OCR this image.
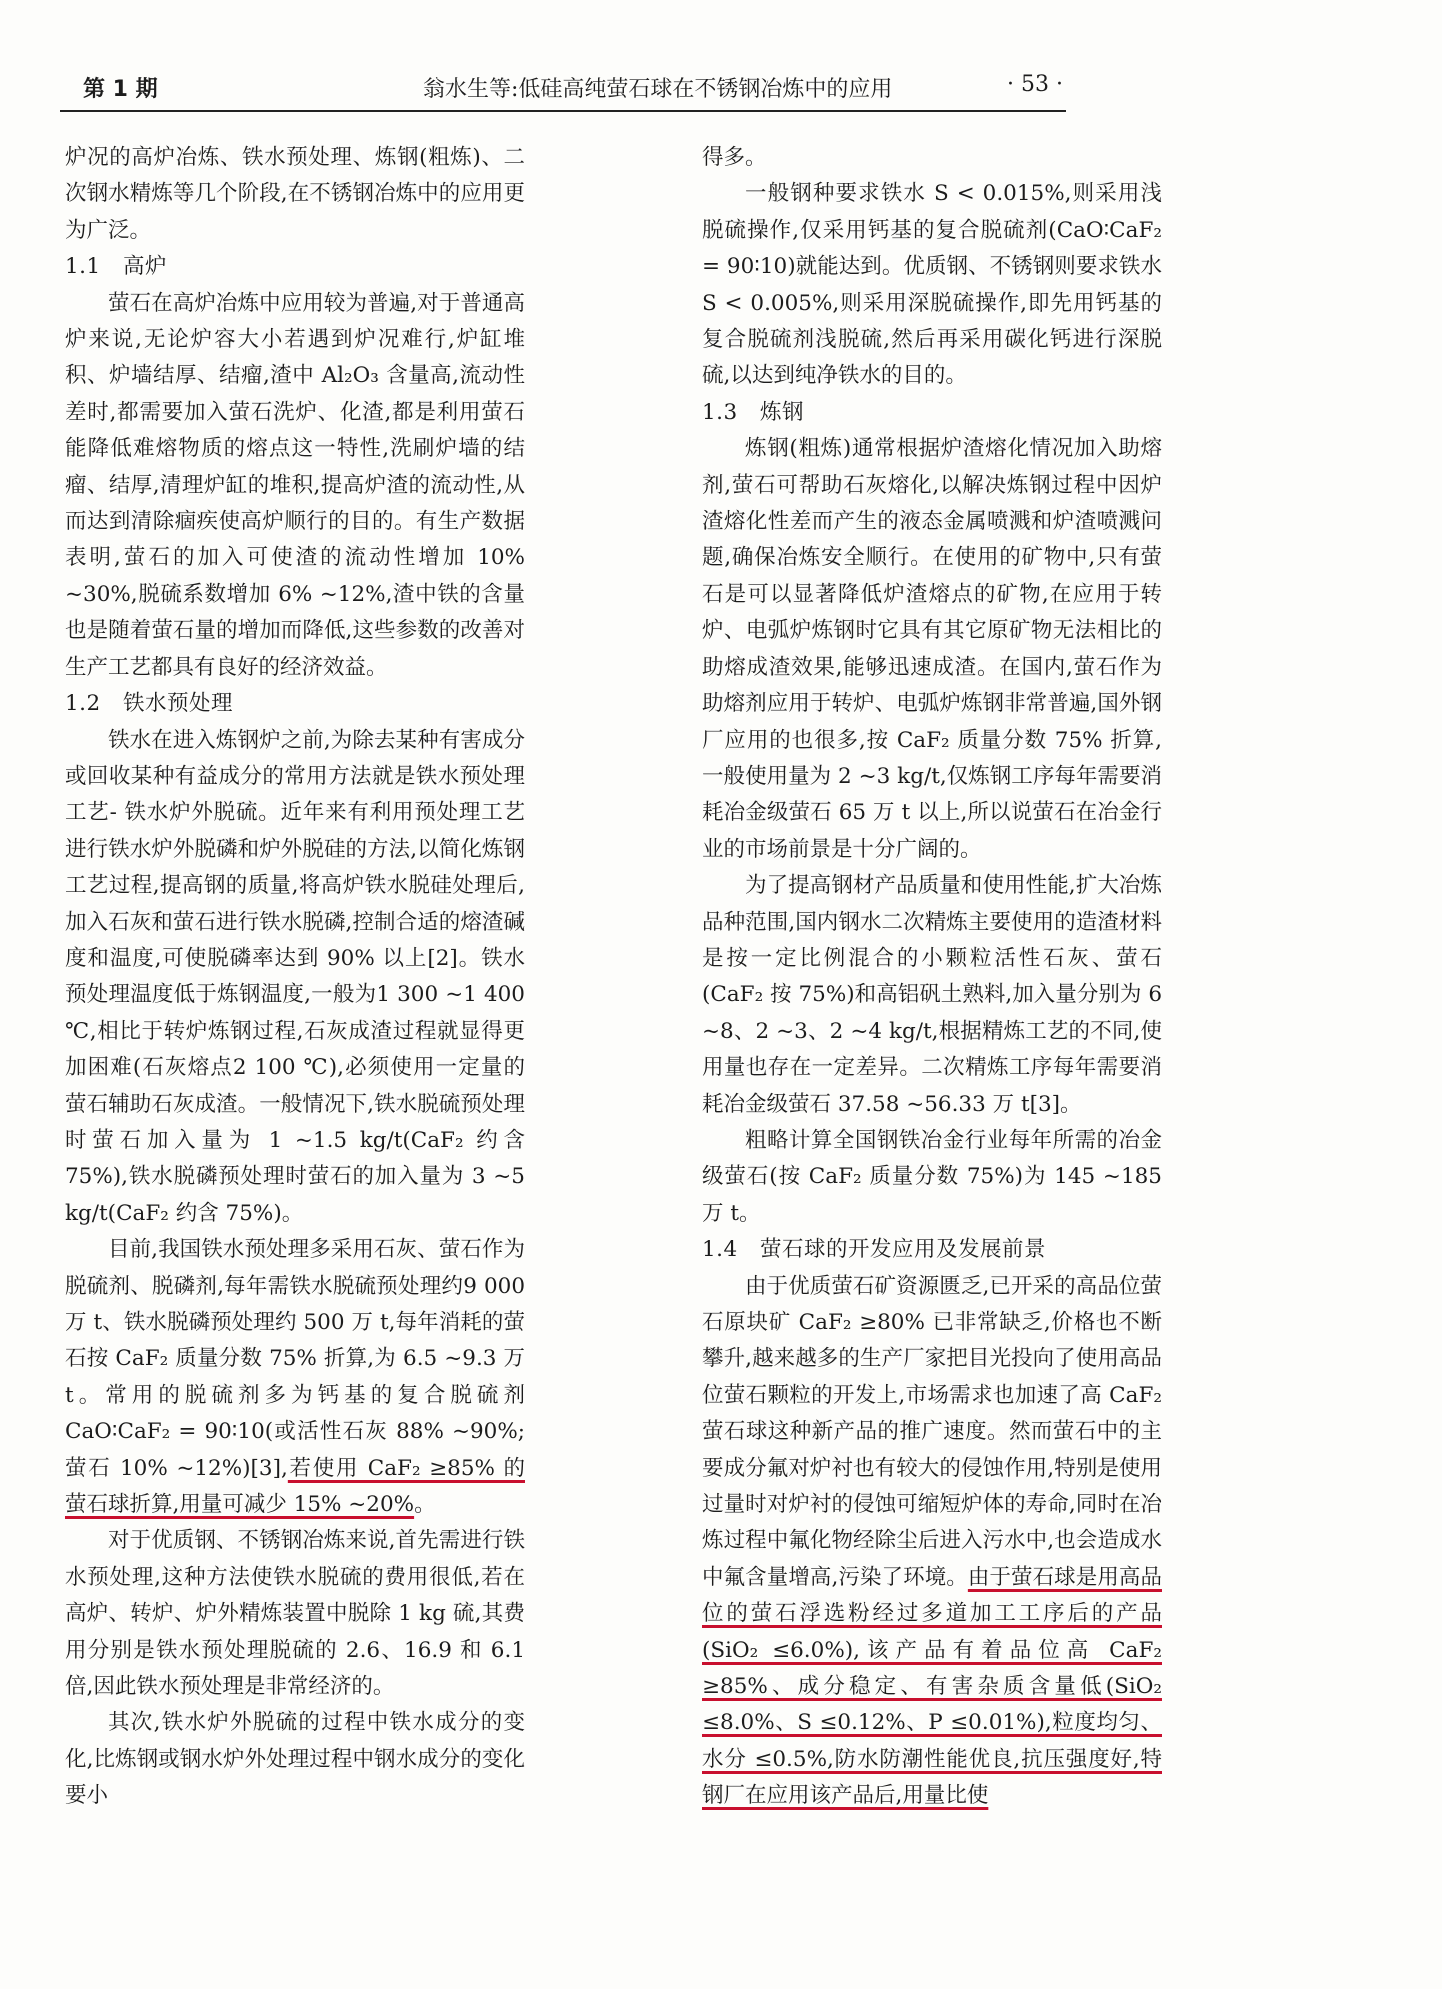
第 1 期	翁水生等:低硅高纯萤石球在不锈钢冶炼中的应用	· 53 ·

炉况的高炉冶炼、铁水预处理、炼钢(粗炼)、二次钢水精炼等几个阶段,在不锈钢冶炼中的应用更为广泛。

1.1 高炉

萤石在高炉冶炼中应用较为普遍,对于普通高炉来说,无论炉容大小若遇到炉况难行,炉缸堆积、炉墙结厚、结瘤,渣中 Al₂O₃ 含量高,流动性差时,都需要加入萤石洗炉、化渣,都是利用萤石能降低难熔物质的熔点这一特性,洗刷炉墙的结瘤、结厚,清理炉缸的堆积,提高炉渣的流动性,从而达到清除痼疾使高炉顺行的目的。有生产数据表明,萤石的加入可使渣的流动性增加 10% ~30%,脱硫系数增加 6% ~12%,渣中铁的含量也是随着萤石量的增加而降低,这些参数的改善对生产工艺都具有良好的经济效益。

1.2 铁水预处理

铁水在进入炼钢炉之前,为除去某种有害成分或回收某种有益成分的常用方法就是铁水预处理工艺- 铁水炉外脱硫。近年来有利用预处理工艺进行铁水炉外脱磷和炉外脱硅的方法,以简化炼钢工艺过程,提高钢的质量,将高炉铁水脱硅处理后,加入石灰和萤石进行铁水脱磷,控制合适的熔渣碱度和温度,可使脱磷率达到 90% 以上[2]。铁水预处理温度低于炼钢温度,一般为1 300 ~1 400 ℃,相比于转炉炼钢过程,石灰成渣过程就显得更加困难(石灰熔点2 100 ℃),必须使用一定量的萤石辅助石灰成渣。一般情况下,铁水脱硫预处理时萤石加入量为 1 ~1.5 kg/t(CaF₂ 约含 75%),铁水脱磷预处理时萤石的加入量为 3 ~5 kg/t(CaF₂ 约含 75%)。

目前,我国铁水预处理多采用石灰、萤石作为脱硫剂、脱磷剂,每年需铁水脱硫预处理约9 000万 t、铁水脱磷预处理约 500 万 t,每年消耗的萤石按 CaF₂ 质量分数 75% 折算,为 6.5 ~9.3 万 t。常用的脱硫剂多为钙基的复合脱硫剂 CaO∶CaF₂ = 90∶10(或活性石灰 88% ~90%;萤石 10% ~12%)[3],若使用 CaF₂ ≥85% 的萤石球折算,用量可减少 15% ~20%。

对于优质钢、不锈钢冶炼来说,首先需进行铁水预处理,这种方法使铁水脱硫的费用很低,若在高炉、转炉、炉外精炼装置中脱除 1 kg 硫,其费用分别是铁水预处理脱硫的 2.6、16.9 和 6.1 倍,因此铁水预处理是非常经济的。

其次,铁水炉外脱硫的过程中铁水成分的变化,比炼钢或钢水炉外处理过程中钢水成分的变化要小

得多。

一般钢种要求铁水 S < 0.015%,则采用浅脱硫操作,仅采用钙基的复合脱硫剂(CaO∶CaF₂ = 90∶10)就能达到。优质钢、不锈钢则要求铁水 S < 0.005%,则采用深脱硫操作,即先用钙基的复合脱硫剂浅脱硫,然后再采用碳化钙进行深脱硫,以达到纯净铁水的目的。

1.3 炼钢

炼钢(粗炼)通常根据炉渣熔化情况加入助熔剂,萤石可帮助石灰熔化,以解决炼钢过程中因炉渣熔化性差而产生的液态金属喷溅和炉渣喷溅问题,确保冶炼安全顺行。在使用的矿物中,只有萤石是可以显著降低炉渣熔点的矿物,在应用于转炉、电弧炉炼钢时它具有其它原矿物无法相比的助熔成渣效果,能够迅速成渣。在国内,萤石作为助熔剂应用于转炉、电弧炉炼钢非常普遍,国外钢厂应用的也很多,按 CaF₂ 质量分数 75% 折算,一般使用量为 2 ~3 kg/t,仅炼钢工序每年需要消耗冶金级萤石 65 万 t 以上,所以说萤石在冶金行业的市场前景是十分广阔的。

为了提高钢材产品质量和使用性能,扩大冶炼品种范围,国内钢水二次精炼主要使用的造渣材料是按一定比例混合的小颗粒活性石灰、萤石(CaF₂ 按 75%)和高铝矾土熟料,加入量分别为 6 ~8、2 ~3、2 ~4 kg/t,根据精炼工艺的不同,使用量也存在一定差异。二次精炼工序每年需要消耗冶金级萤石 37.58 ~56.33 万 t[3]。

粗略计算全国钢铁冶金行业每年所需的冶金级萤石(按 CaF₂ 质量分数 75%)为 145 ~185 万 t。

1.4 萤石球的开发应用及发展前景

由于优质萤石矿资源匮乏,已开采的高品位萤石原块矿 CaF₂ ≥80% 已非常缺乏,价格也不断攀升,越来越多的生产厂家把目光投向了使用高品位萤石颗粒的开发上,市场需求也加速了高 CaF₂ 萤石球这种新产品的推广速度。然而萤石中的主要成分氟对炉衬也有较大的侵蚀作用,特别是使用过量时对炉衬的侵蚀可缩短炉体的寿命,同时在冶炼过程中氟化物经除尘后进入污水中,也会造成水中氟含量增高,污染了环境。由于萤石球是用高品位的萤石浮选粉经过多道加工工序后的产品(SiO₂ ≤6.0%),该产品有着品位高 CaF₂ ≥85%、成分稳定、有害杂质含量低(SiO₂ ≤8.0%、S ≤0.12%、P ≤0.01%),粒度均匀、水分 ≤0.5%,防水防潮性能优良,抗压强度好,特钢厂在应用该产品后,用量比使
